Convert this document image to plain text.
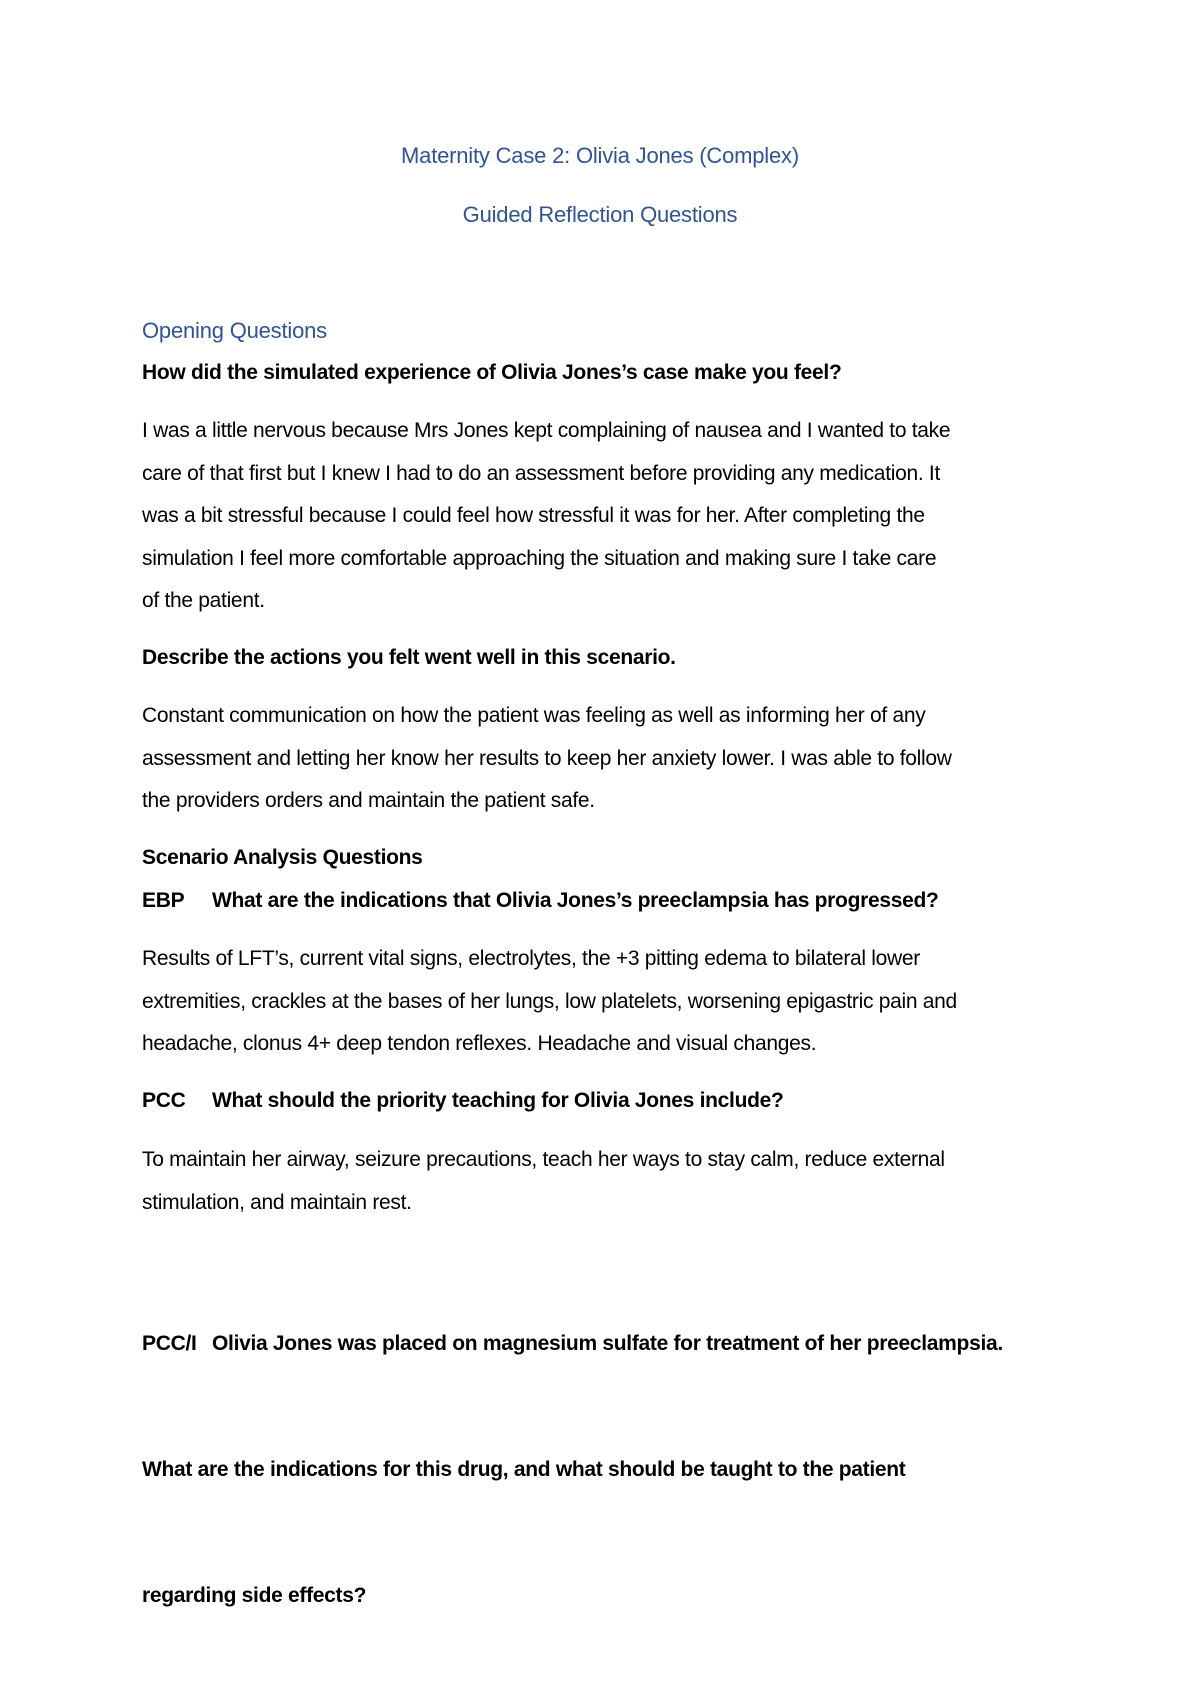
Maternity Case 2: Olivia Jones (Complex)
Guided Reflection Questions
Opening Questions
How did the simulated experience of Olivia Jones’s case make you feel?
I was a little nervous because Mrs Jones kept complaining of nausea and I wanted to take
care of that first but I knew I had to do an assessment before providing any medication. It
was a bit stressful because I could feel how stressful it was for her. After completing the
simulation I feel more comfortable approaching the situation and making sure I take care
of the patient.
Describe the actions you felt went well in this scenario.
Constant communication on how the patient was feeling as well as informing her of any
assessment and letting her know her results to keep her anxiety lower. I was able to follow
the providers orders and maintain the patient safe.
Scenario Analysis Questions
EBP What are the indications that Olivia Jones’s preeclampsia has progressed?
Results of LFT’s, current vital signs, electrolytes, the +3 pitting edema to bilateral lower
extremities, crackles at the bases of her lungs, low platelets, worsening epigastric pain and
headache, clonus 4+ deep tendon reflexes. Headache and visual changes.
PCC What should the priority teaching for Olivia Jones include?
To maintain her airway, seizure precautions, teach her ways to stay calm, reduce external
stimulation, and maintain rest.

PCC/I Olivia Jones was placed on magnesium sulfate for treatment of her preeclampsia.

What are the indications for this drug, and what should be taught to the patient

regarding side effects?
